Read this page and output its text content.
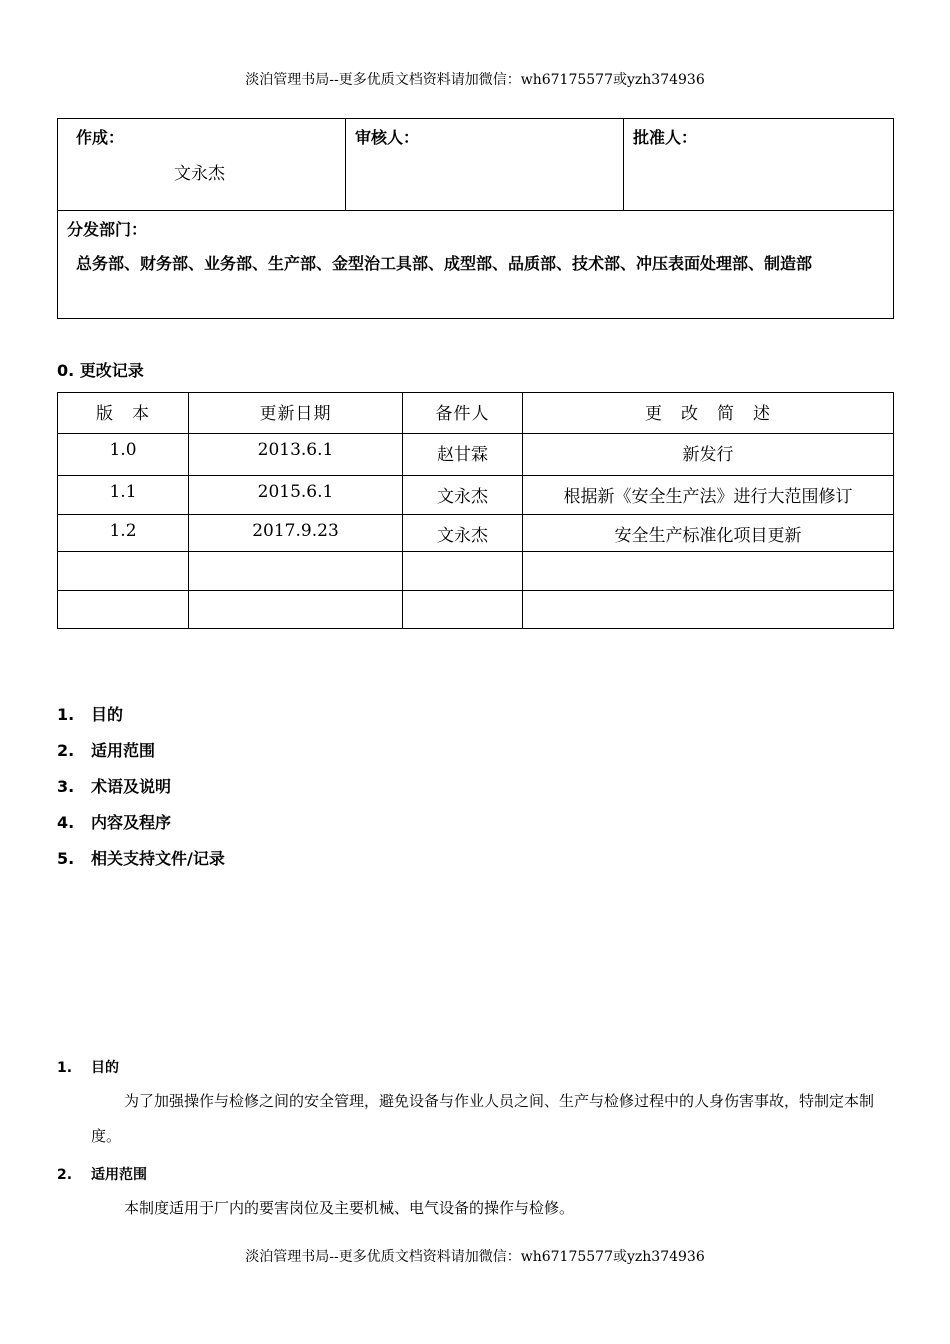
淡泊管理书局--更多优质文档资料请加微信：wh67175577或yzh374936
作成：
文永杰

审核人：	批准人：

分发部门：
总务部、财务部、业务部、生产部、金型治工具部、成型部、品质部、技术部、冲压表面处理部、制造部
0. 更改记录
版　本	更新日期	备件人	更　改　简　述
1.0	2013.6.1	赵甘霖	新发行
1.1	2015.6.1	文永杰	根据新《安全生产法》进行大范围修订
1.2	2017.9.23	文永杰	安全生产标准化项目更新

1. 目的
2. 适用范围
3. 术语及说明
4. 内容及程序
5. 相关支持文件/记录
1. 目的
为了加强操作与检修之间的安全管理，避免设备与作业人员之间、生产与检修过程中的人身伤害事故，特制定本制度。
2. 适用范围
本制度适用于厂内的要害岗位及主要机械、电气设备的操作与检修。
淡泊管理书局--更多优质文档资料请加微信：wh67175577或yzh374936
